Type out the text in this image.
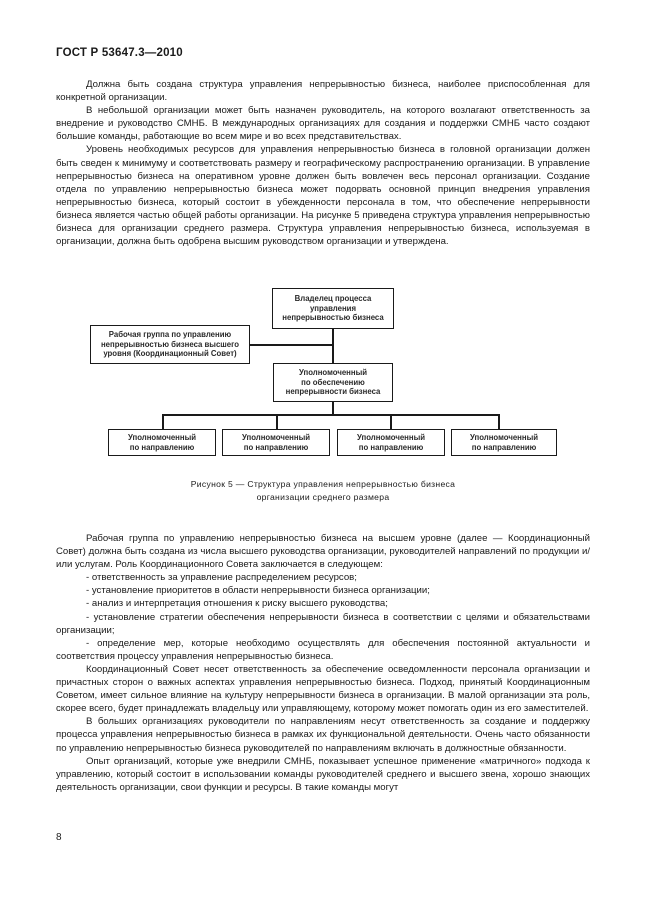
ГОСТ Р 53647.3—2010

Должна быть создана структура управления непрерывностью бизнеса, наиболее приспособленная для конкретной организации.

В небольшой организации может быть назначен руководитель, на которого возлагают ответственность за внедрение и руководство СМНБ. В международных организациях для создания и поддержки СМНБ часто создают большие команды, работающие во всем мире и во всех представительствах.

Уровень необходимых ресурсов для управления непрерывностью бизнеса в головной организации должен быть сведен к минимуму и соответствовать размеру и географическому распространению организации. В управление непрерывностью бизнеса на оперативном уровне должен быть вовлечен весь персонал организации. Создание отдела по управлению непрерывностью бизнеса может подорвать основной принцип внедрения управления непрерывностью бизнеса, который состоит в убежденности персонала в том, что обеспечение непрерывности бизнеса является частью общей работы организации. На рисунке 5 приведена структура управления непрерывностью бизнеса для организации среднего размера. Структура управления непрерывностью бизнеса, используемая в организации, должна быть одобрена высшим руководством организации и утверждена.

Владелец процесса
управления
непрерывностью бизнеса
Рабочая группа по управлению
непрерывностью бизнеса высшего
уровня (Координационный Совет)
Уполномоченный
по обеспечению
непрерывности бизнеса
Уполномоченный
по направлению
Уполномоченный
по направлению
Уполномоченный
по направлению
Уполномоченный
по направлению
Рисунок 5 — Структура управления непрерывностью бизнеса
организации среднего размера

Рабочая группа по управлению непрерывностью бизнеса на высшем уровне (далее — Координационный Совет) должна быть создана из числа высшего руководства организации, руководителей направлений по продукции и/или услугам. Роль Координационного Совета заключается в следующем:

- ответственность за управление распределением ресурсов;

- установление приоритетов в области непрерывности бизнеса организации;

- анализ и интерпретация отношения к риску высшего руководства;

- установление стратегии обеспечения непрерывности бизнеса в соответствии с целями и обязательствами организации;

- определение мер, которые необходимо осуществлять для обеспечения постоянной актуальности и соответствия процессу управления непрерывностью бизнеса.

Координационный Совет несет ответственность за обеспечение осведомленности персонала организации и причастных сторон о важных аспектах управления непрерывностью бизнеса. Подход, принятый Координационным Советом, имеет сильное влияние на культуру непрерывности бизнеса в организации. В малой организации эта роль, скорее всего, будет принадлежать владельцу или управляющему, которому может помогать один из его заместителей.

В больших организациях руководители по направлениям несут ответственность за создание и поддержку процесса управления непрерывностью бизнеса в рамках их функциональной деятельности. Очень часто обязанности по управлению непрерывностью бизнеса руководителей по направлениям включать в должностные обязанности.

Опыт организаций, которые уже внедрили СМНБ, показывает успешное применение «матричного» подхода к управлению, который состоит в использовании команды руководителей среднего и высшего звена, хорошо знающих деятельность организации, свои функции и ресурсы. В такие команды могут

8
